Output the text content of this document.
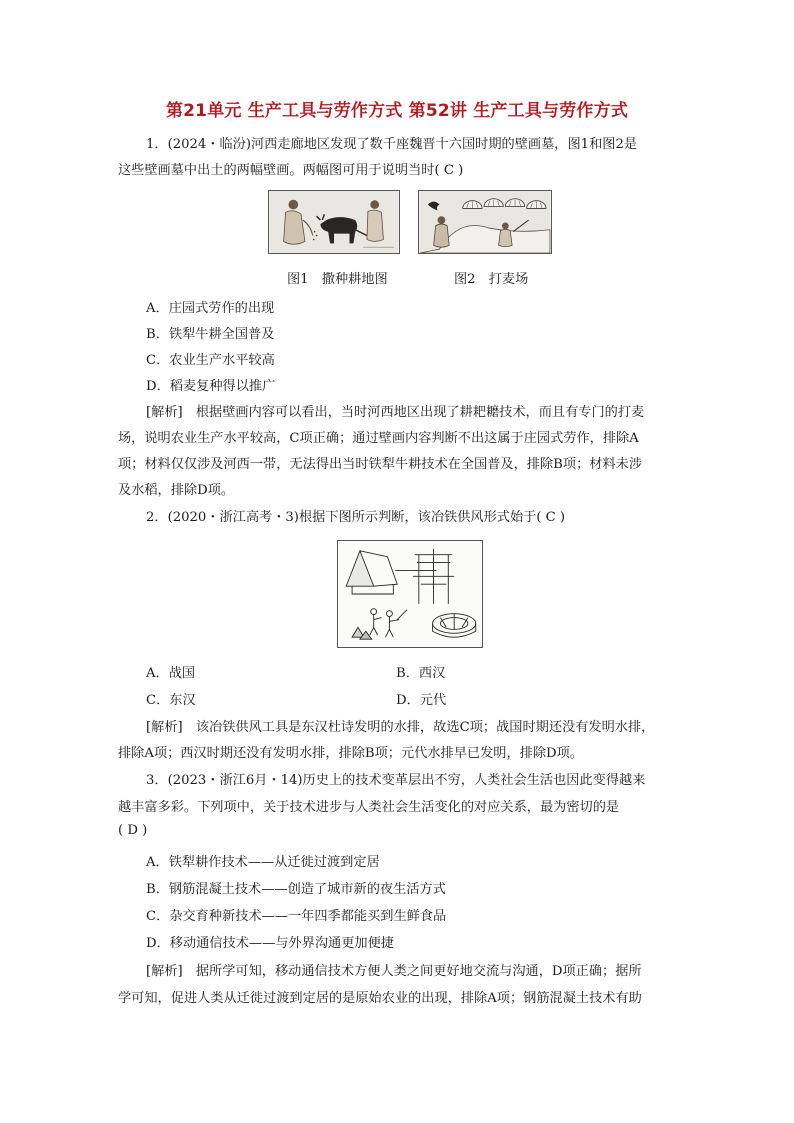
第21单元 生产工具与劳作方式 第52讲 生产工具与劳作方式
1．(2024・临汾)河西走廊地区发现了数千座魏晋十六国时期的壁画墓，图1和图2是
这些壁画墓中出土的两幅壁画。两幅图可用于说明当时( C )
图1　撒种耕地图	图2　打麦场
A．庄园式劳作的出现
B．铁犁牛耕全国普及
C．农业生产水平较高
D．稻麦复种得以推广
[解析]　根据壁画内容可以看出，当时河西地区出现了耕耙耱技术，而且有专门的打麦
场，说明农业生产水平较高，C项正确；通过壁画内容判断不出这属于庄园式劳作，排除A
项；材料仅仅涉及河西一带，无法得出当时铁犁牛耕技术在全国普及，排除B项；材料未涉
及水稻，排除D项。
2．(2020・浙江高考・3)根据下图所示判断，该冶铁供风形式始于( C )
A．战国	B．西汉
C．东汉	D．元代
[解析]　该冶铁供风工具是东汉杜诗发明的水排，故选C项；战国时期还没有发明水排，
排除A项；西汉时期还没有发明水排，排除B项；元代水排早已发明，排除D项。
3．(2023・浙江6月・14)历史上的技术变革层出不穷，人类社会生活也因此变得越来
越丰富多彩。下列项中，关于技术进步与人类社会生活变化的对应关系，最为密切的是
( D )
A．铁犁耕作技术——从迁徙过渡到定居
B．钢筋混凝土技术——创造了城市新的夜生活方式
C．杂交育种新技术——一年四季都能买到生鲜食品
D．移动通信技术——与外界沟通更加便捷
[解析]　据所学可知，移动通信技术方便人类之间更好地交流与沟通，D项正确；据所
学可知，促进人类从迁徙过渡到定居的是原始农业的出现，排除A项；钢筋混凝土技术有助
